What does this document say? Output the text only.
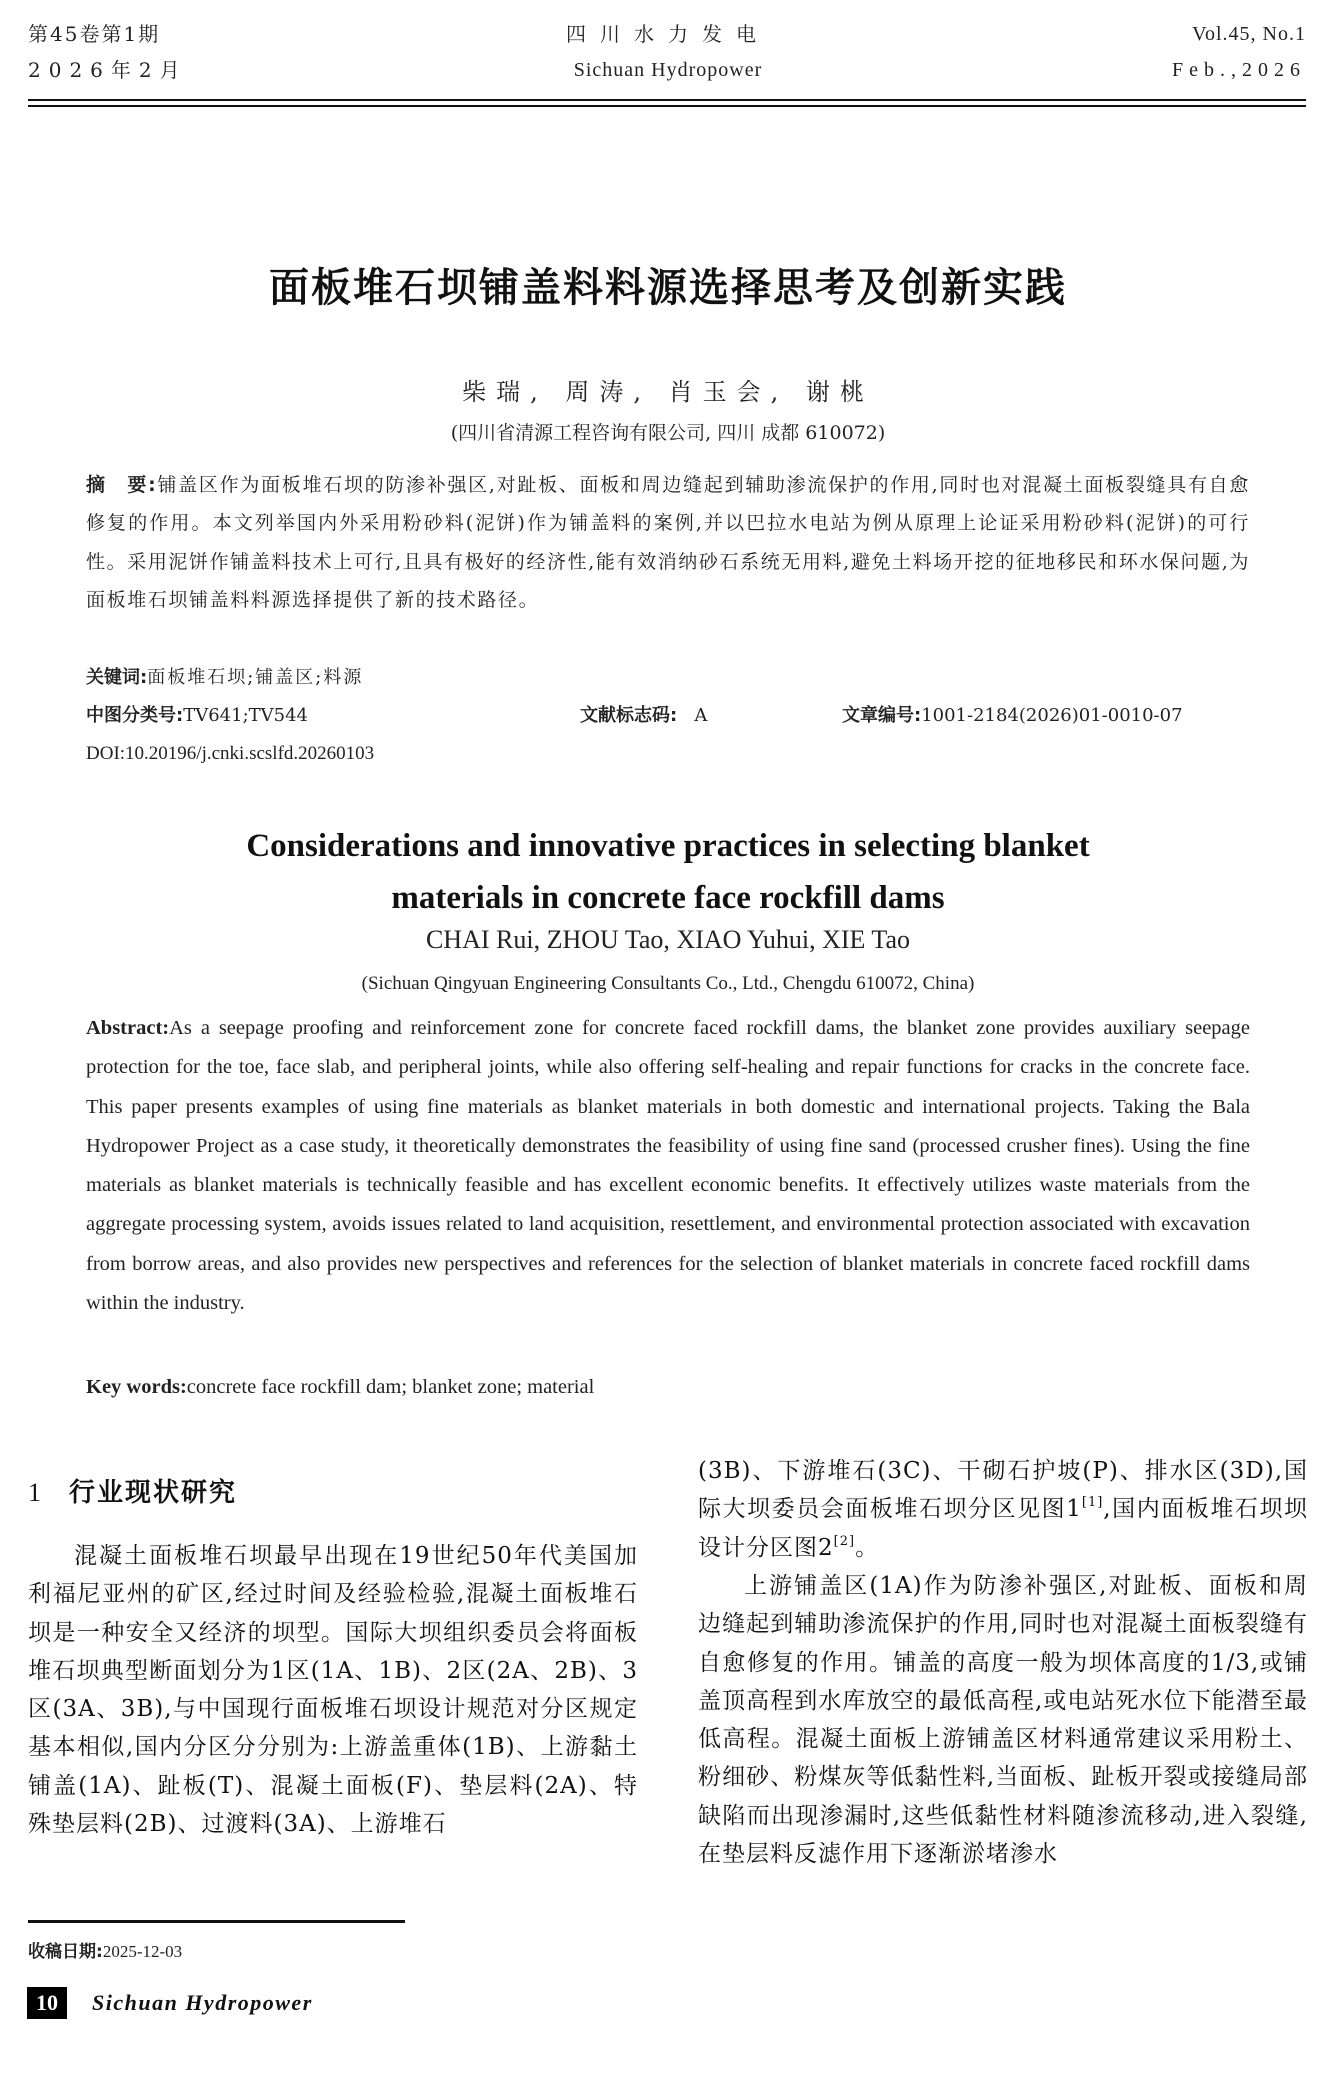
第45卷第1期
2026年2月
四川水力发电
Sichuan Hydropower
Vol.45, No.1
Feb.,2026
面板堆石坝铺盖料料源选择思考及创新实践
柴瑞, 周涛, 肖玉会, 谢桃
(四川省清源工程咨询有限公司, 四川 成都 610072)
摘　要:铺盖区作为面板堆石坝的防渗补强区,对趾板、面板和周边缝起到辅助渗流保护的作用,同时也对混凝土面板裂缝具有自愈修复的作用。本文列举国内外采用粉砂料(泥饼)作为铺盖料的案例,并以巴拉水电站为例从原理上论证采用粉砂料(泥饼)的可行性。采用泥饼作铺盖料技术上可行,且具有极好的经济性,能有效消纳砂石系统无用料,避免土料场开挖的征地移民和环水保问题,为面板堆石坝铺盖料料源选择提供了新的技术路径。
关键词:面板堆石坝;铺盖区;料源
中图分类号:TV641;TV544	文献标志码: A	文章编号:1001-2184(2026)01-0010-07
DOI:10.20196/j.cnki.scslfd.20260103
Considerations and innovative practices in selecting blanket
materials in concrete face rockfill dams
CHAI Rui, ZHOU Tao, XIAO Yuhui, XIE Tao
(Sichuan Qingyuan Engineering Consultants Co., Ltd., Chengdu 610072, China)
Abstract:As a seepage proofing and reinforcement zone for concrete faced rockfill dams, the blanket zone provides auxiliary seepage protection for the toe, face slab, and peripheral joints, while also offering self-healing and repair functions for cracks in the concrete face. This paper presents examples of using fine materials as blanket materials in both domestic and international projects. Taking the Bala Hydropower Project as a case study, it theoretically demonstrates the feasibility of using fine sand (processed crusher fines). Using the fine materials as blanket materials is technically feasible and has excellent economic benefits. It effectively utilizes waste materials from the aggregate processing system, avoids issues related to land acquisition, resettlement, and environmental protection associated with excavation from borrow areas, and also provides new perspectives and references for the selection of blanket materials in concrete faced rockfill dams within the industry.
Key words:concrete face rockfill dam; blanket zone; material
1 行业现状研究
混凝土面板堆石坝最早出现在19世纪50年代美国加利福尼亚州的矿区,经过时间及经验检验,混凝土面板堆石坝是一种安全又经济的坝型。国际大坝组织委员会将面板堆石坝典型断面划分为1区(1A、1B)、2区(2A、2B)、3区(3A、3B),与中国现行面板堆石坝设计规范对分区规定基本相似,国内分区分分别为:上游盖重体(1B)、上游黏土铺盖(1A)、趾板(T)、混凝土面板(F)、垫层料(2A)、特殊垫层料(2B)、过渡料(3A)、上游堆石
(3B)、下游堆石(3C)、干砌石护坡(P)、排水区(3D),国际大坝委员会面板堆石坝分区见图1[1],国内面板堆石坝坝设计分区图2[2]。
上游铺盖区(1A)作为防渗补强区,对趾板、面板和周边缝起到辅助渗流保护的作用,同时也对混凝土面板裂缝有自愈修复的作用。铺盖的高度一般为坝体高度的1/3,或铺盖顶高程到水库放空的最低高程,或电站死水位下能潜至最低高程。混凝土面板上游铺盖区材料通常建议采用粉土、粉细砂、粉煤灰等低黏性料,当面板、趾板开裂或接缝局部缺陷而出现渗漏时,这些低黏性材料随渗流移动,进入裂缝,在垫层料反滤作用下逐渐淤堵渗水
收稿日期:2025-12-03
10	Sichuan Hydropower
